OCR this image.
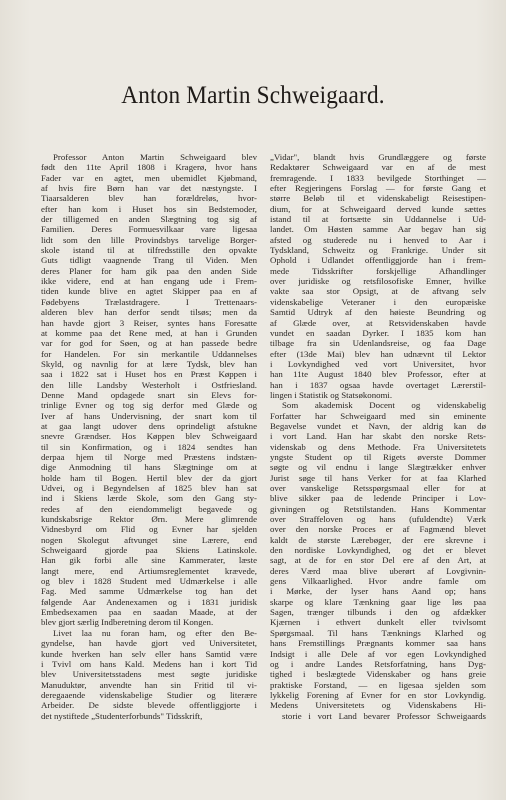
Anton Martin Schweigaard.
Professor Anton Martin Schweigaard blev
født den 11te April 1808 i Kragerø, hvor hans
Fader var en agtet, men ubemidlet Kjøbmand,
af hvis fire Børn han var det næstyngste. I
Tiaarsalderen blev han forældreløs, hvor-
efter han kom i Huset hos sin Bedstemoder,
der tilligemed en anden Slægtning tog sig af
Familien. Deres Formuesvilkaar vare ligesaa
lidt som den lille Provindsbys tarvelige Borger-
skole istand til at tilfredsstille den opvakte
Guts tidligt vaagnende Trang til Viden. Men
deres Planer for ham gik paa den anden Side
ikke videre, end at han engang ude i Frem-
tiden kunde blive en agtet Skipper paa en af
Fødebyens Trælastdragere. I Trettenaars-
alderen blev han derfor sendt tilsøs; men da
han havde gjort 3 Reiser, syntes hans Foresatte
at komme paa det Rene med, at han i Grunden
var for god for Søen, og at han passede bedre
for Handelen. For sin merkantile Uddannelses
Skyld, og navnlig for at lære Tydsk, blev han
saa i 1822 sat i Huset hos en Præst Køppen i
den lille Landsby Westerholt i Ostfriesland.
Denne Mand opdagede snart sin Elevs for-
trinlige Evner og tog sig derfor med Glæde og
Iver af hans Undervisning, der snart kom til
at gaa langt udover dens oprindeligt afstukne
snevre Grændser. Hos Køppen blev Schweigaard
til sin Konfirmation, og i 1824 sendtes han
derpaa hjem til Norge med Præstens indstæn-
dige Anmodning til hans Slægtninge om at
holde ham til Bogen. Hertil blev der da gjort
Udvei, og i Begyndelsen af 1825 blev han sat
ind i Skiens lærde Skole, som den Gang sty-
redes af den eiendommeligt begavede og
kundskabsrige Rektor Ørn. Mere glimrende
Vidnesbyrd om Flid og Evner har sjelden
nogen Skolegut aftvunget sine Lærere, end
Schweigaard gjorde paa Skiens Latinskole.
Han gik forbi alle sine Kammerater, læste
langt mere, end Artiumsreglementet krævede,
og blev i 1828 Student med Udmærkelse i alle
Fag. Med samme Udmærkelse tog han det
følgende Aar Andenexamen og i 1831 juridisk
Embedsexamen paa en saadan Maade, at der
blev gjort særlig Indberetning derom til Kongen.
Livet laa nu foran ham, og efter den Be-
gyndelse, han havde gjort ved Universitetet,
kunde hverken han selv eller hans Samtid være
i Tvivl om hans Kald. Medens han i kort Tid
blev Universitetsstadens mest søgte juridiske
Manuduktør, anvendte han sin Fritid til vi-
deregaaende videnskabelige Studier og literære
Arbeider. De sidste blevede offentliggjorte i
det nystiftede „Studenterforbunds" Tidsskrift,
„Vidar", blandt hvis Grundlæggere og første
Redaktører Schweigaard var en af de mest
fremragende. I 1833 bevilgede Storthinget —
efter Regjeringens Forslag — for første Gang et
større Beløb til et videnskabeligt Reisestipen-
dium, for at Schweigaard derved kunde sættes
istand til at fortsætte sin Uddannelse i Ud-
landet. Om Høsten samme Aar begav han sig
afsted og studerede nu i henved to Aar i
Tydskland, Schweitz og Frankrige. Under sit
Ophold i Udlandet offentliggjorde han i frem-
mede Tidsskrifter forskjellige Afhandlinger
over juridiske og retsfilosofiske Emner, hvilke
vakte saa stor Opsigt, at de aftvang selv
videnskabelige Veteraner i den europæiske
Samtid Udtryk af den høieste Beundring og
af Glæde over, at Retsvidenskaben havde
vundet en saadan Dyrker. I 1835 kom han
tilbage fra sin Udenlandsreise, og faa Dage
efter (13de Mai) blev han udnævnt til Lektor
i Lovkyndighed ved vort Universitet, hvor
han 11te August 1840 blev Professor, efter at
han i 1837 ogsaa havde overtaget Lærerstil-
lingen i Statistik og Statsøkonomi.
Som akademisk Docent og videnskabelig
Forfatter har Schweigaard med sin eminente
Begavelse vundet et Navn, der aldrig kan dø
i vort Land. Han har skabt den norske Rets-
videnskab og dens Methode. Fra Universitetets
yngste Student op til Rigets øverste Dommer
søgte og vil endnu i lange Slægtrækker enhver
Jurist søge til hans Verker for at faa Klarhed
over vanskelige Retsspørgsmaal eller for at
blive sikker paa de ledende Principer i Lov-
givningen og Retstilstanden. Hans Kommentar
over Straffeloven og hans (ufuldendte) Værk
over den norske Proces er af Fagmænd blevet
kaldt de største Lærebøger, der ere skrevne i
den nordiske Lovkyndighed, og det er blevet
sagt, at de for en stor Del ere af den Art, at
deres Værd maa blive uberørt af Lovgivnin-
gens Vilkaarlighed. Hvor andre famle om
i Mørke, der lyser hans Aand op; hans
skarpe og klare Tænkning gaar lige løs paa
Sagen, trænger tilbunds i den og afdækker
Kjærnen i ethvert dunkelt eller tvivlsomt
Spørgsmaal. Til hans Tænknings Klarhed og
hans Fremstillings Prægnants kommer saa hans
Indsigt i alle Dele af vor egen Lovkyndighed
og i andre Landes Retsforfatning, hans Dyg-
tighed i beslægtede Videnskaber og hans greie
praktiske Forstand, — en ligesaa sjelden som
lykkelig Forening af Evner for en stor Lovkyndig.
Medens Universitetets og Videnskabens Hi-
storie i vort Land bevarer Professor Schweigaards
